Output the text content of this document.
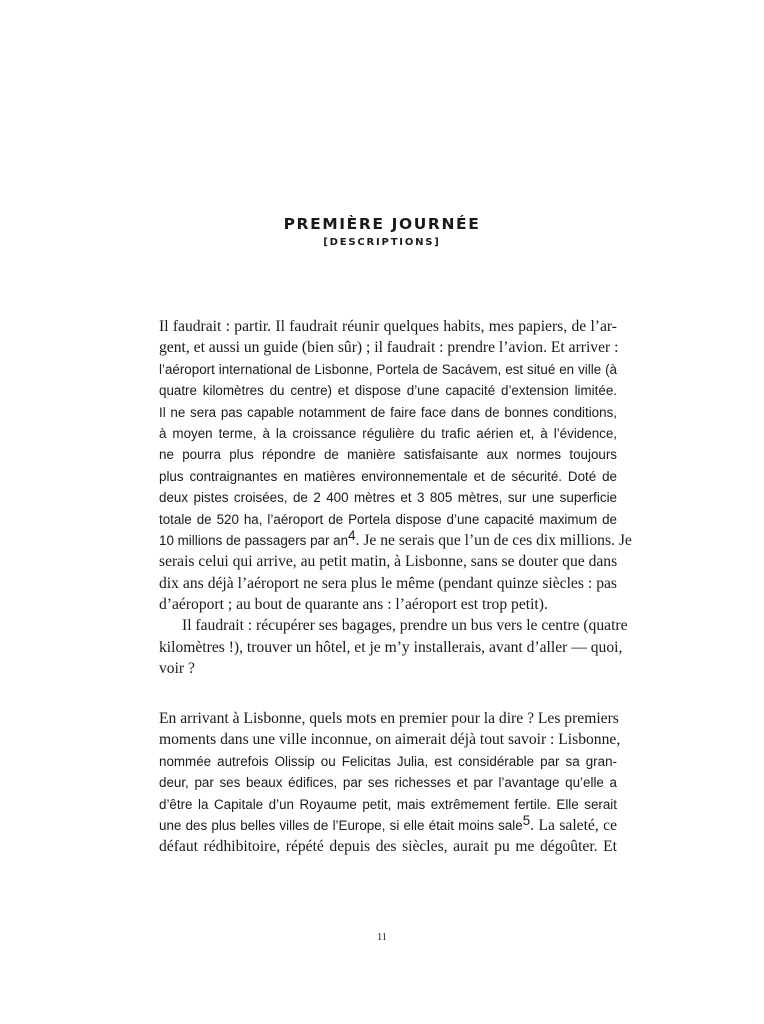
PREMIÈRE JOURNÉE
[DESCRIPTIONS]
Il faudrait : partir. Il faudrait réunir quelques habits, mes papiers, de l’ar-
gent, et aussi un guide (bien sûr) ; il faudrait : prendre l’avion. Et arriver :
l’aéroport international de Lisbonne, Portela de Sacávem, est situé en ville (à
quatre kilomètres du centre) et dispose d’une capacité d’extension limitée.
Il ne sera pas capable notamment de faire face dans de bonnes conditions,
à moyen terme, à la croissance régulière du trafic aérien et, à l’évidence,
ne pourra plus répondre de manière satisfaisante aux normes toujours
plus contraignantes en matières environnementale et de sécurité. Doté de
deux pistes croisées, de 2 400 mètres et 3 805 mètres, sur une superficie
totale de 520 ha, l’aéroport de Portela dispose d’une capacité maximum de
10 millions de passagers par $an^4$. Je ne serais que l’un de ces dix millions. Je
serais celui qui arrive, au petit matin, à Lisbonne, sans se douter que dans
dix ans déjà l’aéroport ne sera plus le même (pendant quinze siècles : pas
d’aéroport ; au bout de quarante ans : l’aéroport est trop petit).
Il faudrait : récupérer ses bagages, prendre un bus vers le centre (quatre
kilomètres !), trouver un hôtel, et je m’y installerais, avant d’aller — quoi,
voir ?
En arrivant à Lisbonne, quels mots en premier pour la dire ? Les premiers
moments dans une ville inconnue, on aimerait déjà tout savoir : Lisbonne,
nommée autrefois Olissip ou Felicitas Julia, est considérable par sa gran-
deur, par ses beaux édifices, par ses richesses et par l’avantage qu’elle a
d’être la Capitale d’un Royaume petit, mais extrêmement fertile. Elle serait
une des plus belles villes de l’Europe, si elle était moins sale$^5$. La saleté, ce
défaut rédhibitoire, répété depuis des siècles, aurait pu me dégoûter. Et
11
